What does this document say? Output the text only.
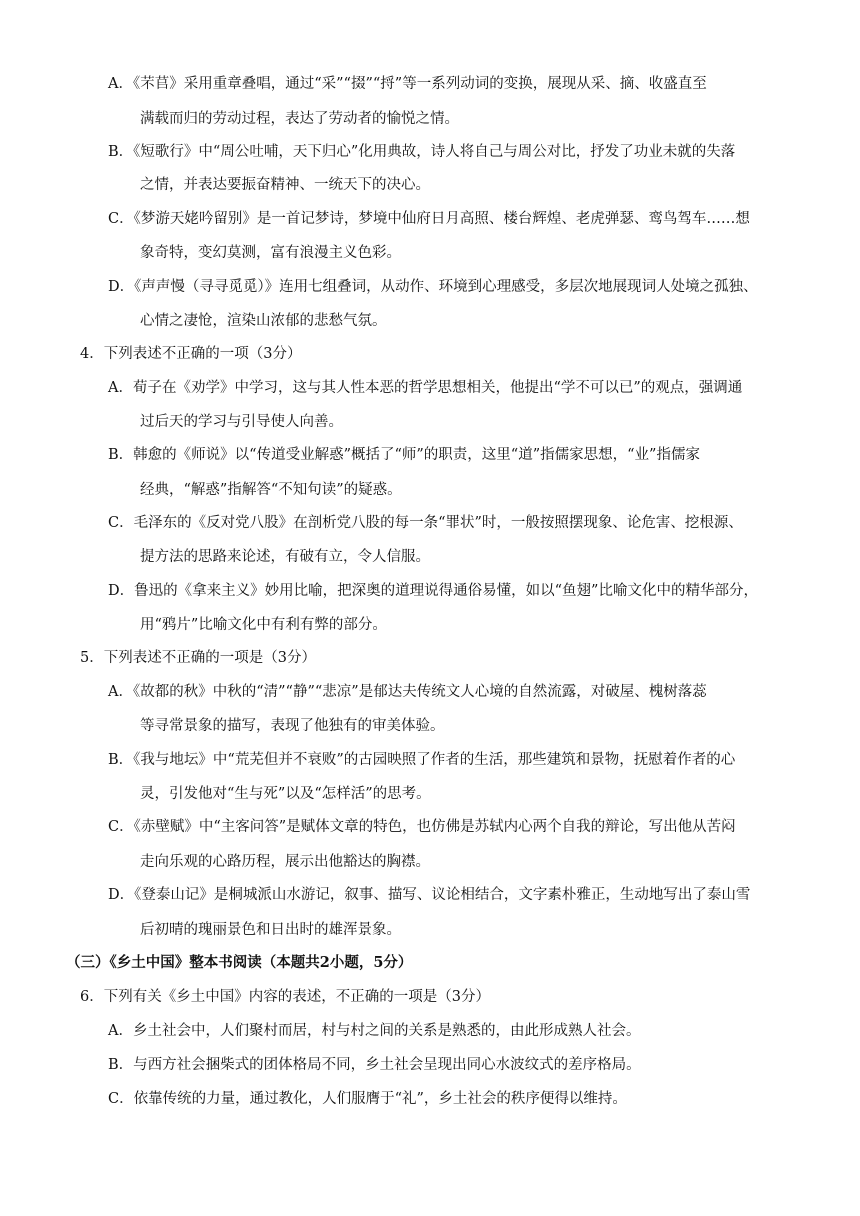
A．《芣苢》采用重章叠唱，通过“采”“掇”“捋”等一系列动词的变换，展现从采、摘、收盛直至
满载而归的劳动过程，表达了劳动者的愉悦之情。
B．《短歌行》中“周公吐哺，天下归心”化用典故，诗人将自己与周公对比，抒发了功业未就的失落
之情，并表达要振奋精神、一统天下的决心。
C．《梦游天姥吟留别》是一首记梦诗，梦境中仙府日月高照、楼台辉煌、老虎弹瑟、鸾鸟驾车……想
象奇特，变幻莫测，富有浪漫主义色彩。
D．《声声慢（寻寻觅觅）》连用七组叠词，从动作、环境到心理感受，多层次地展现词人处境之孤独、
心情之凄怆，渲染山浓郁的悲愁气氛。
4．下列表述不正确的一项（3分）
A．荀子在《劝学》中学习，这与其人性本恶的哲学思想相关，他提出“学不可以已”的观点，强调通
过后天的学习与引导使人向善。
B．韩愈的《师说》以“传道受业解惑”概括了“师”的职责，这里“道”指儒家思想，“业”指儒家
经典，“解惑”指解答“不知句读”的疑惑。
C．毛泽东的《反对党八股》在剖析党八股的每一条“罪状”时，一般按照摆现象、论危害、挖根源、
提方法的思路来论述，有破有立，令人信服。
D．鲁迅的《拿来主义》妙用比喻，把深奥的道理说得通俗易懂，如以“鱼翅”比喻文化中的精华部分，
用“鸦片”比喻文化中有利有弊的部分。
5．下列表述不正确的一项是（3分）
A．《故都的秋》中秋的“清”“静”“悲凉”是郁达夫传统文人心境的自然流露，对破屋、槐树落蕊
等寻常景象的描写，表现了他独有的审美体验。
B．《我与地坛》中“荒芜但并不衰败”的古园映照了作者的生活，那些建筑和景物，抚慰着作者的心
灵，引发他对“生与死”以及“怎样活”的思考。
C．《赤壁赋》中“主客问答”是赋体文章的特色，也仿佛是苏轼内心两个自我的辩论，写出他从苦闷
走向乐观的心路历程，展示出他豁达的胸襟。
D．《登泰山记》是桐城派山水游记，叙事、描写、议论相结合，文字素朴雅正，生动地写出了泰山雪
后初晴的瑰丽景色和日出时的雄浑景象。
（三）《乡土中国》整本书阅读（本题共2小题，5分）
6．下列有关《乡土中国》内容的表述，不正确的一项是（3分）
A．乡土社会中，人们聚村而居，村与村之间的关系是熟悉的，由此形成熟人社会。
B．与西方社会捆柴式的团体格局不同，乡土社会呈现出同心水波纹式的差序格局。
C．依靠传统的力量，通过教化，人们服膺于“礼”，乡土社会的秩序便得以维持。
